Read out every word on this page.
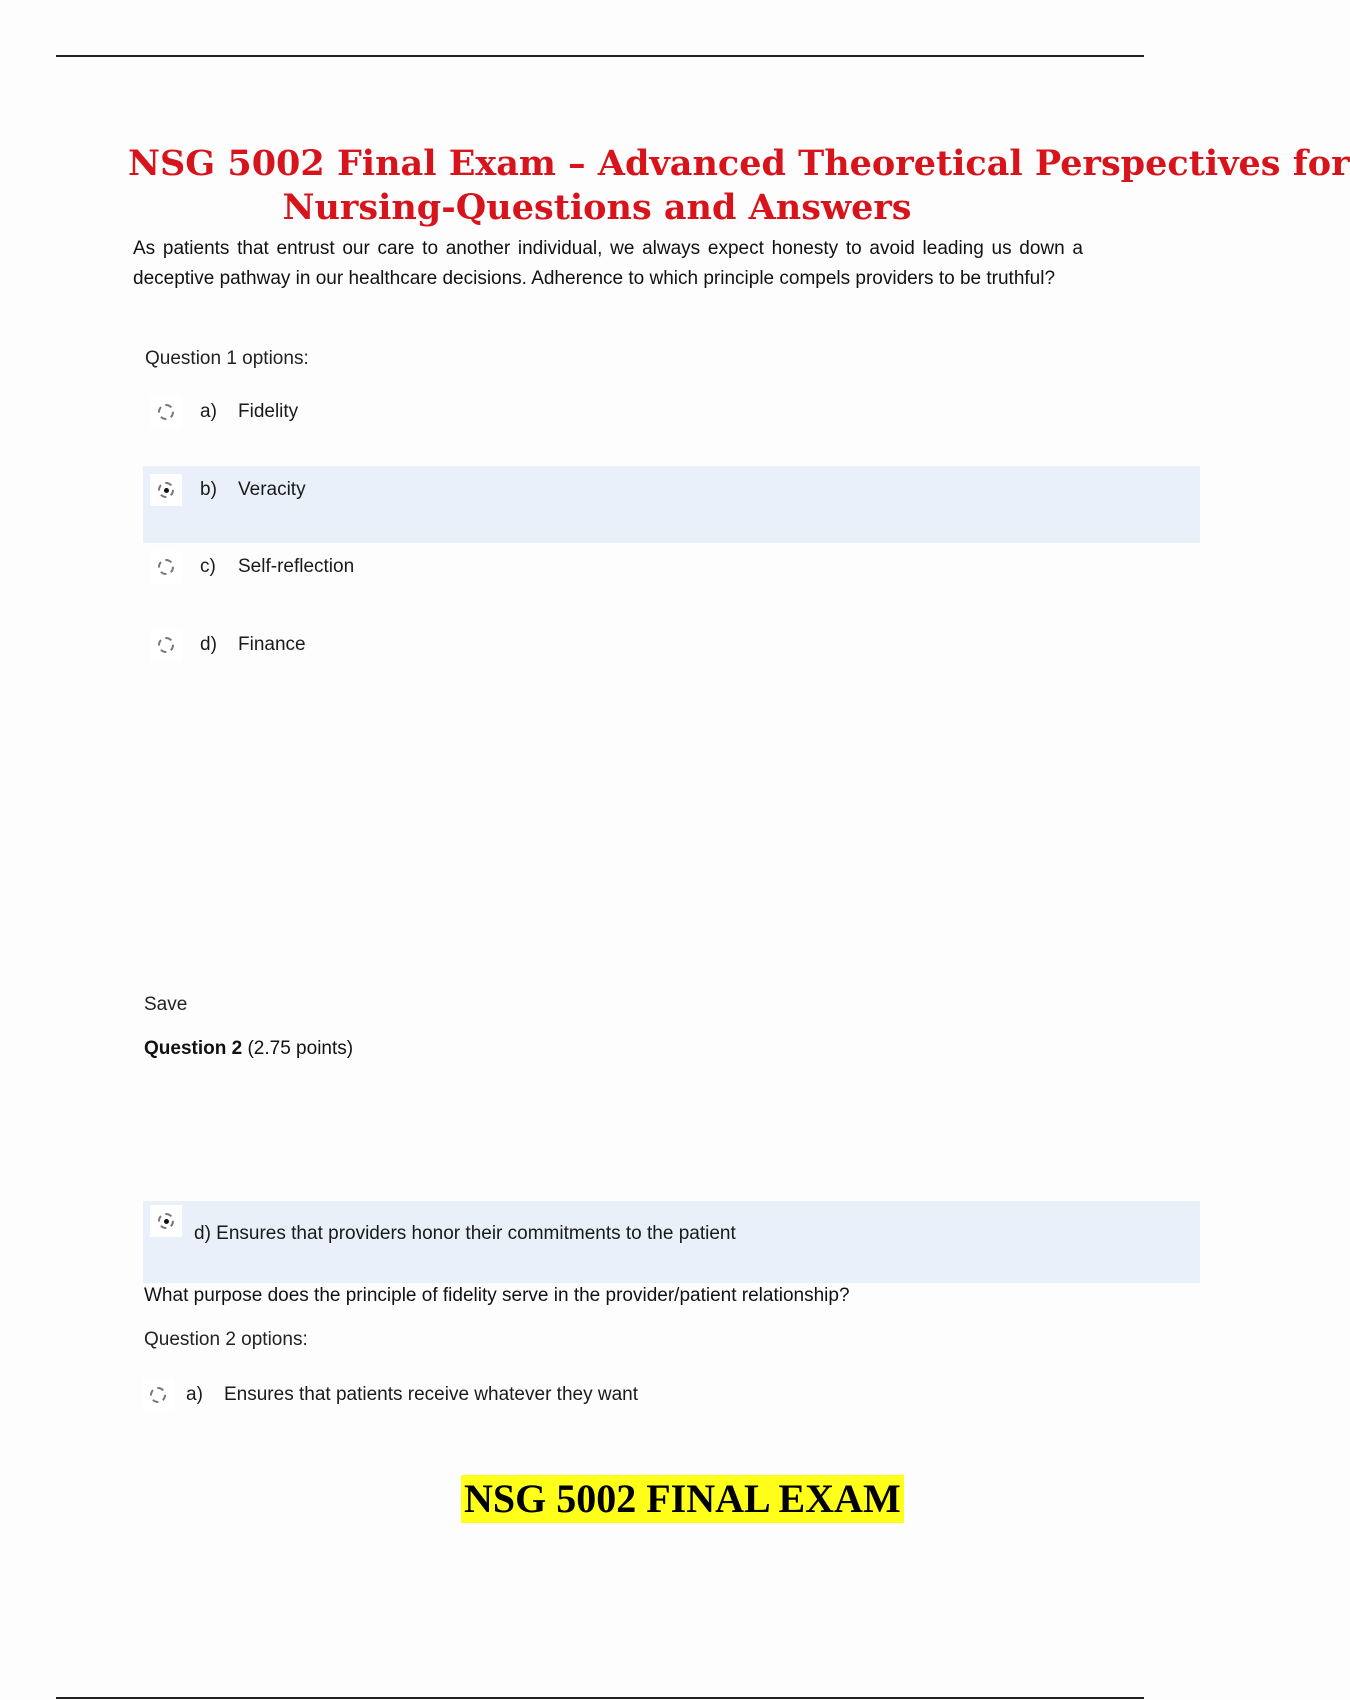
NSG 5002 Final Exam – Advanced Theoretical Perspectives for
Nursing-Questions and Answers
As patients that entrust our care to another individual, we always expect honesty to avoid leading us down a deceptive pathway in our healthcare decisions. Adherence to which principle compels providers to be truthful?
Question 1 options:
a)	Fidelity
b)	Veracity
c)	Self-reflection
d)	Finance
Save
Question 2 (2.75 points)
d) Ensures that providers honor their commitments to the patient
What purpose does the principle of fidelity serve in the provider/patient relationship?
Question 2 options:
a)	Ensures that patients receive whatever they want
NSG 5002 FINAL EXAM
